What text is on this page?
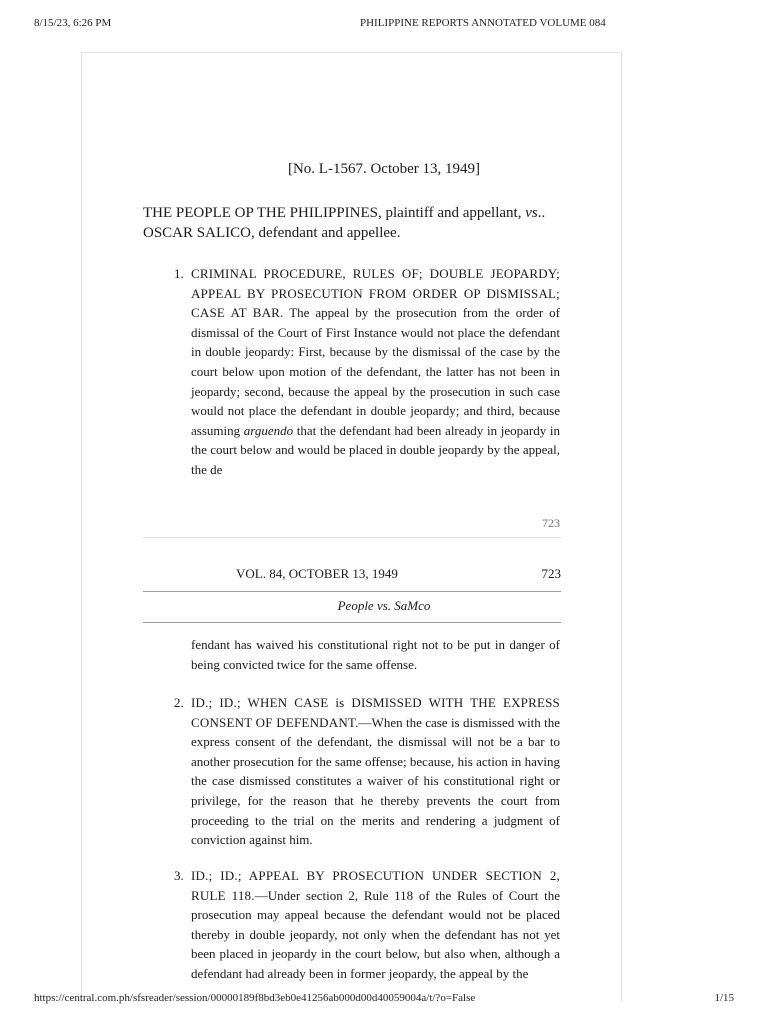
8/15/23, 6:26 PM	PHILIPPINE REPORTS ANNOTATED VOLUME 084
[No. L-1567. October 13, 1949]
THE PEOPLE OP THE PHILIPPINES, plaintiff and appellant, vs..
OSCAR SALICO, defendant and appellee.
1. CRIMINAL PROCEDURE, RULES OF; DOUBLE JEOPARDY; APPEAL BY PROSECUTION FROM ORDER OP DlSMISSAL; CASE AT BAR. The appeal by the prosecution from the order of dismissal of the Court of First Instance would not place the defendant in double jeopardy: First, because by the dismissal of the case by the court below upon motion of the defendant, the latter has not been in jeopardy; second, because the appeal by the prosecution in such case would not place the defendant in double jeopardy; and third, because assuming arguendo that the defendant had been already in jeopardy in the court below and would be placed in double jeopardy by the appeal, the de
723
VOL. 84, OCTOBER 13, 1949	723
People vs. SaMco
fendant has waived his constitutional right not to be put in danger of being convicted twice for the same offense.
2. ID.; ID.; WHEN CASE is DISMISSED WITH THE EXPRESS CONSENT OF DEFENDANT.—When the case is dismissed with the express consent of the defendant, the dismissal will not be a bar to another prosecution for the same offense; because, his action in having the case dismissed constitutes a waiver of his constitutional right or privilege, for the reason that he thereby prevents the court from proceeding to the trial on the merits and rendering a judgment of conviction against him.
3. ID.; ID.; APPEAL BY PROSECUTION UNDER SECTION 2, RULE 118.—Under section 2, Rule 118 of the Rules of Court the prosecution may appeal because the defendant would not be placed thereby in double jeopardy, not only when the defendant has not yet been placed in jeopardy in the court below, but also when, although a defendant had already been in former jeopardy, the appeal by the
https://central.com.ph/sfsreader/session/00000189f8bd3eb0e41256ab000d00d40059004a/t/?o=False	1/15
